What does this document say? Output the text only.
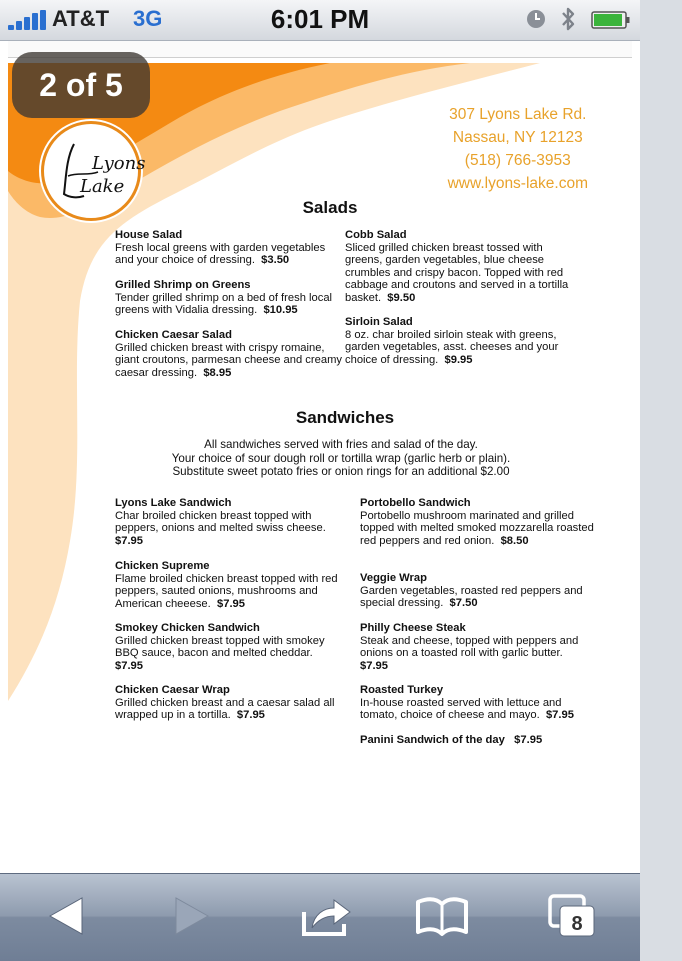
AT&T 3G	6:01 PM
2 of 5
Lyons
Lake
307 Lyons Lake Rd.
Nassau, NY 12123
(518) 766-3953
www.lyons-lake.com
Salads
House Salad
Fresh local greens with garden vegetables and your choice of dressing. $3.50
Grilled Shrimp on Greens
Tender grilled shrimp on a bed of fresh local greens with Vidalia dressing. $10.95
Chicken Caesar Salad
Grilled chicken breast with crispy romaine, giant croutons, parmesan cheese and creamy caesar dressing. $8.95
Cobb Salad
Sliced grilled chicken breast tossed with greens, garden vegetables, blue cheese crumbles and crispy bacon. Topped with red cabbage and croutons and served in a tortilla basket. $9.50
Sirloin Salad
8 oz. char broiled sirloin steak with greens, garden vegetables, asst. cheeses and your choice of dressing. $9.95
Sandwiches
All sandwiches served with fries and salad of the day.
Your choice of sour dough roll or tortilla wrap (garlic herb or plain).
Substitute sweet potato fries or onion rings for an additional $2.00
Lyons Lake Sandwich
Char broiled chicken breast topped with peppers, onions and melted swiss cheese.
$7.95
Chicken Supreme
Flame broiled chicken breast topped with red peppers, sauted onions, mushrooms and American cheeese. $7.95
Smokey Chicken Sandwich
Grilled chicken breast topped with smokey BBQ sauce, bacon and melted cheddar.
$7.95
Chicken Caesar Wrap
Grilled chicken breast and a caesar salad all wrapped up in a tortilla. $7.95
Portobello Sandwich
Portobello mushroom marinated and grilled topped with melted smoked mozzarella roasted red peppers and red onion. $8.50
Veggie Wrap
Garden vegetables, roasted red peppers and special dressing. $7.50
Philly Cheese Steak
Steak and cheese, topped with peppers and onions on a toasted roll with garlic butter.
$7.95
Roasted Turkey
In-house roasted served with lettuce and tomato, choice of cheese and mayo. $7.95
Panini Sandwich of the day $7.95
8
